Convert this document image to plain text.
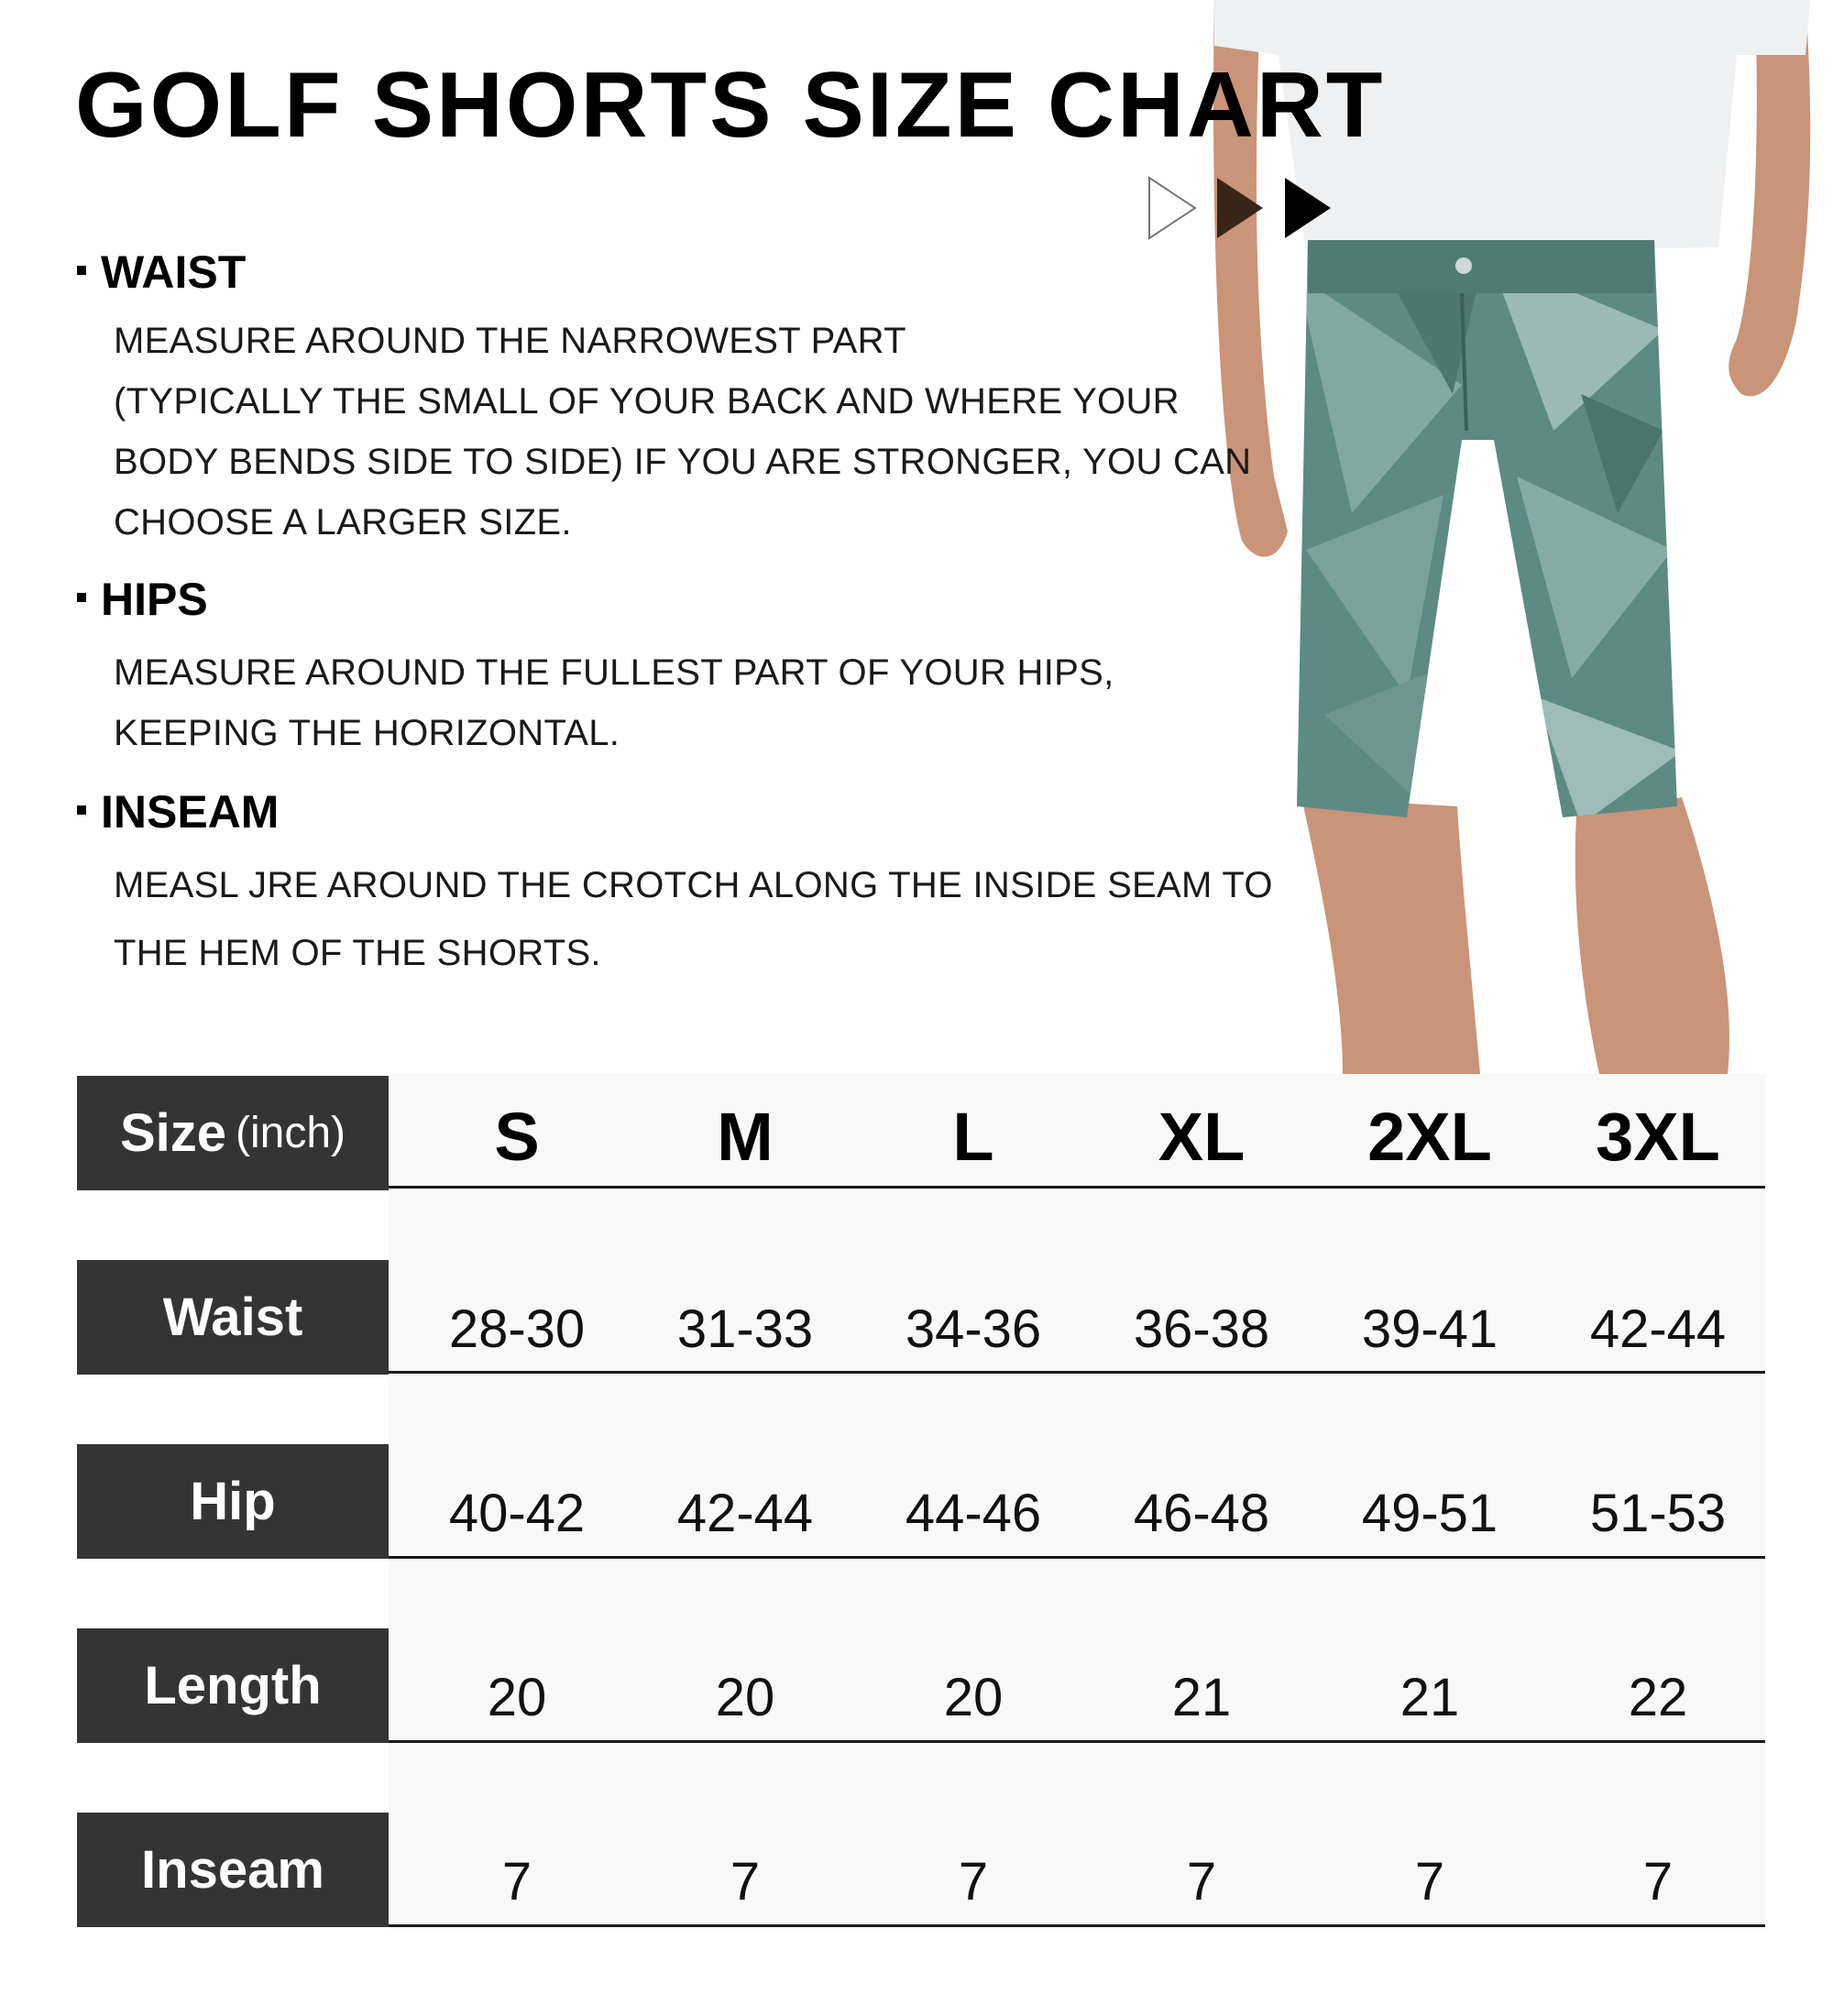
GOLF SHORTS SIZE CHART
WAIST
MEASURE AROUND THE NARROWEST PART
(TYPICALLY THE SMALL OF YOUR BACK AND WHERE YOUR
BODY BENDS SIDE TO SIDE) IF YOU ARE STRONGER, YOU CAN
CHOOSE A LARGER SIZE.
HIPS
MEASURE AROUND THE FULLEST PART OF YOUR HIPS,
KEEPING THE HORIZONTAL.
INSEAM
MEASL JRE AROUND THE CROTCH ALONG THE INSIDE SEAM TO
THE HEM OF THE SHORTS.
Size (inch)	S	M	L	XL	2XL	3XL
Waist	28-30	31-33	34-36	36-38	39-41	42-44
Hip	40-42	42-44	44-46	46-48	49-51	51-53
Length	20	20	20	21	21	22
Inseam	7	7	7	7	7	7
